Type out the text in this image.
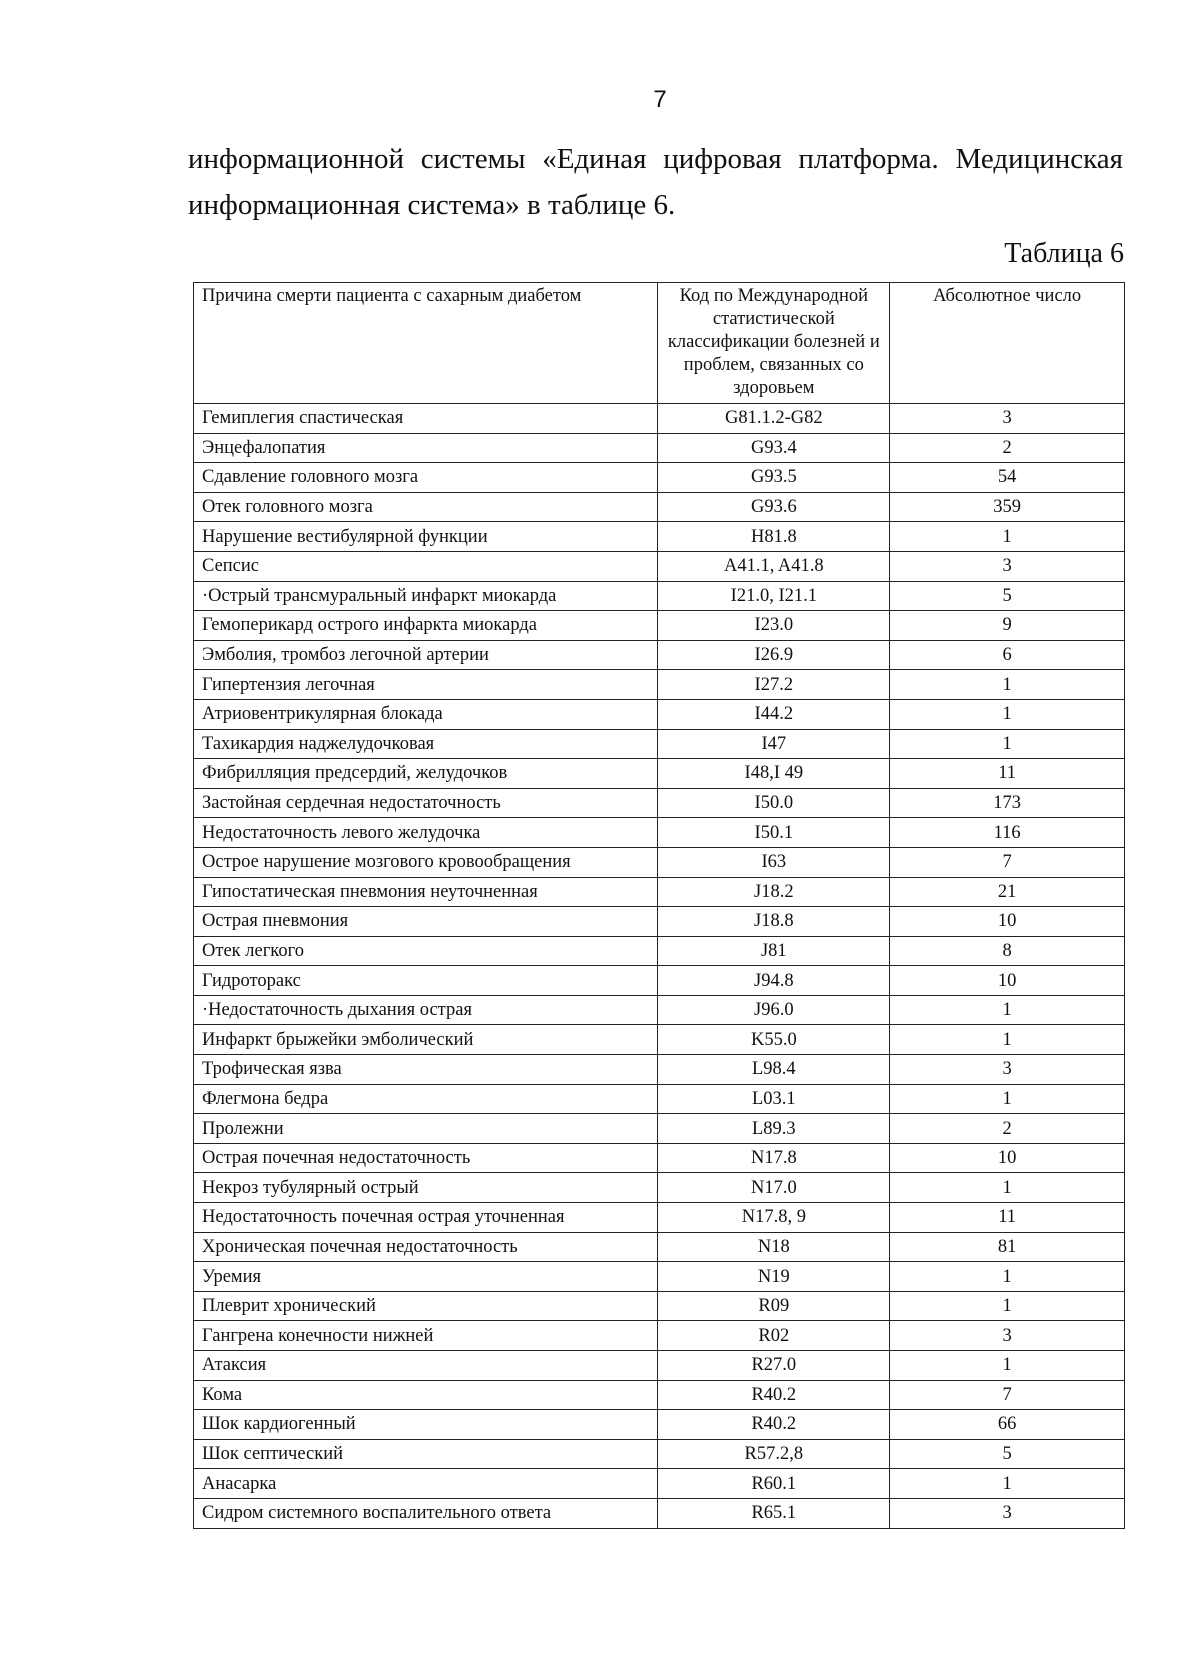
7
информационной системы «Единая цифровая платформа. Медицинская
информационная система» в таблице 6.
Таблица 6
Причина смерти пациента с сахарным диабетом	Код по Международной статистической классификации болезней и проблем, связанных со здоровьем	Абсолютное число
Гемиплегия спастическая	G81.1.2-G82	3
Энцефалопатия	G93.4	2
Сдавление головного мозга	G93.5	54
Отек головного мозга	G93.6	359
Нарушение вестибулярной функции	H81.8	1
Сепсис	A41.1, A41.8	3
·Острый трансмуральный инфаркт миокарда	I21.0, I21.1	5
Гемоперикард острого инфаркта миокарда	I23.0	9
Эмболия, тромбоз легочной артерии	I26.9	6
Гипертензия легочная	I27.2	1
Атриовентрикулярная блокада	I44.2	1
Тахикардия наджелудочковая	I47	1
Фибрилляция предсердий, желудочков	I48,I 49	11
Застойная сердечная недостаточность	I50.0	173
Недостаточность левого желудочка	I50.1	116
Острое нарушение мозгового кровообращения	I63	7
Гипостатическая пневмония неуточненная	J18.2	21
Острая пневмония	J18.8	10
Отек легкого	J81	8
Гидроторакс	J94.8	10
·Недостаточность дыхания острая	J96.0	1
Инфаркт брыжейки эмболический	K55.0	1
Трофическая язва	L98.4	3
Флегмона бедра	L03.1	1
Пролежни	L89.3	2
Острая почечная недостаточность	N17.8	10
Некроз тубулярный острый	N17.0	1
Недостаточность почечная острая уточненная	N17.8, 9	11
Хроническая почечная недостаточность	N18	81
Уремия	N19	1
Плеврит хронический	R09	1
Гангрена конечности нижней	R02	3
Атаксия	R27.0	1
Кома	R40.2	7
Шок кардиогенный	R40.2	66
Шок септический	R57.2,8	5
Анасарка	R60.1	1
Сидром системного воспалительного ответа	R65.1	3
